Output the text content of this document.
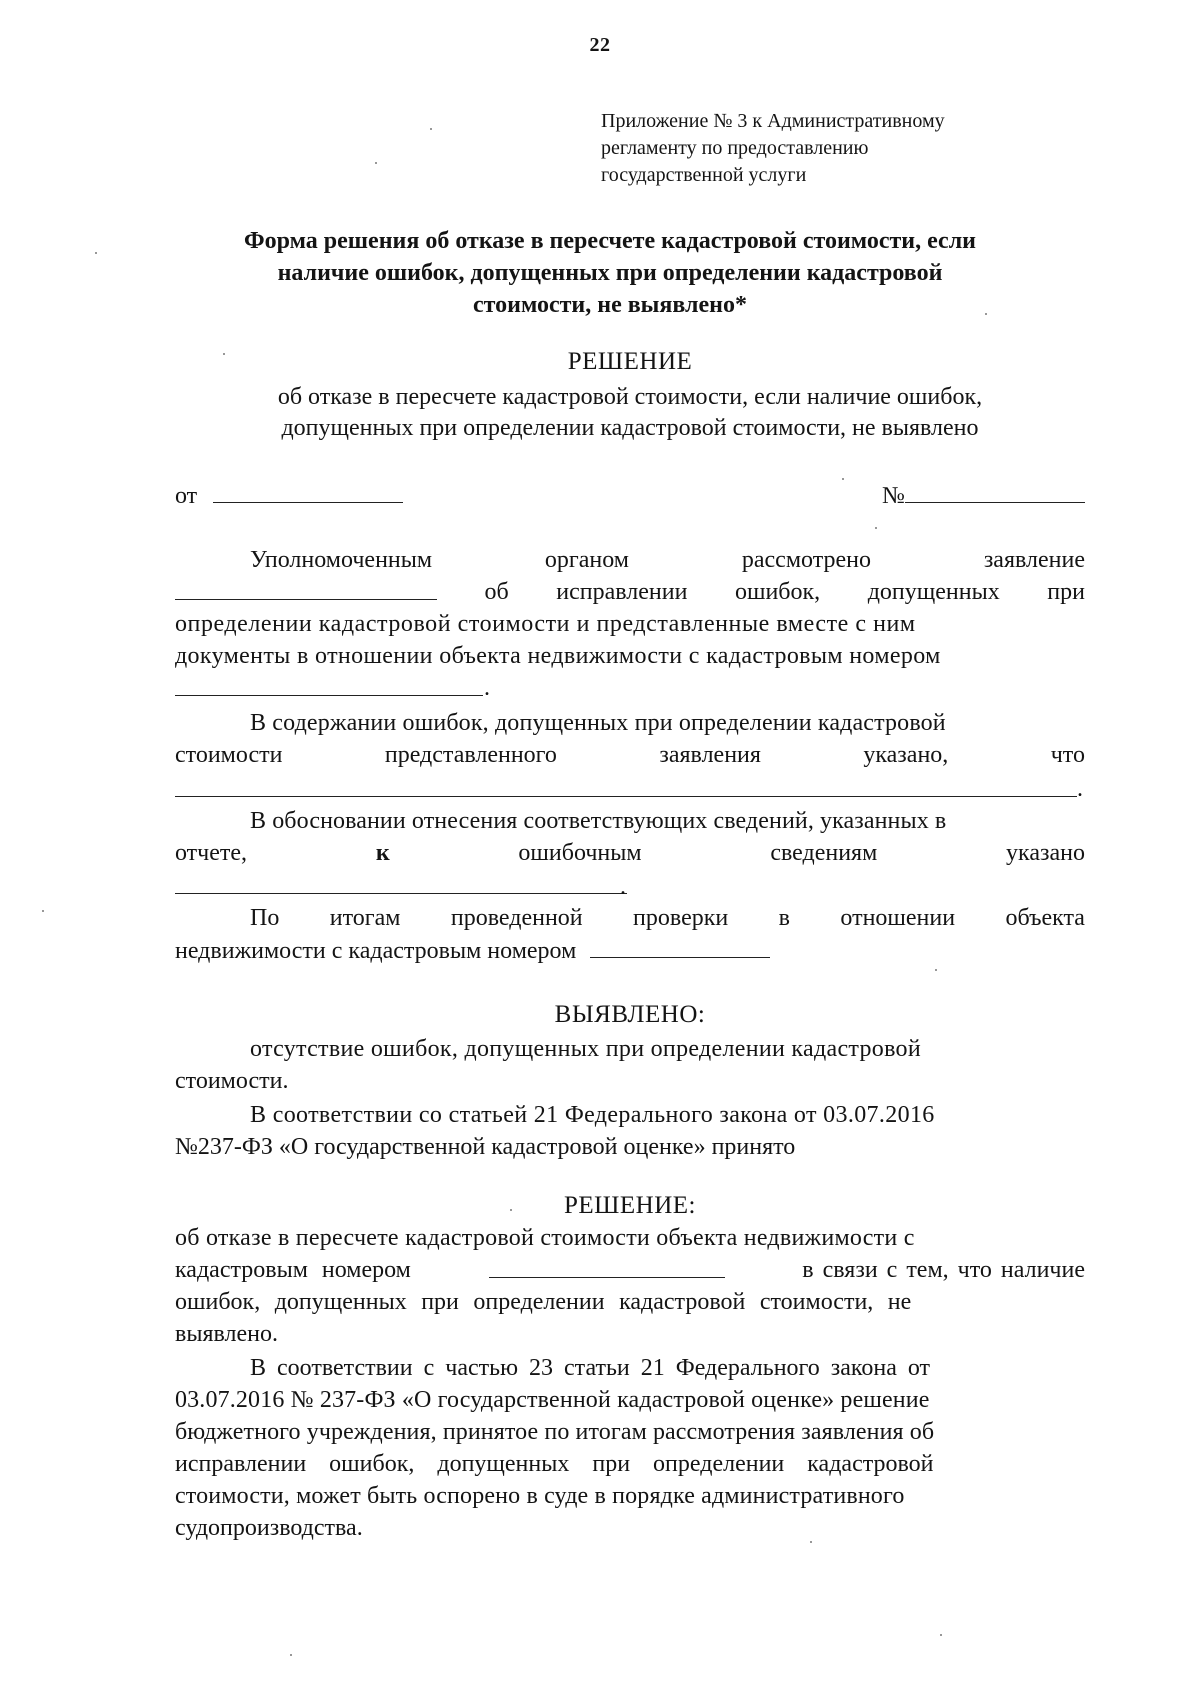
22
Приложение № 3 к Административному
регламенту по предоставлению
государственной услуги
Форма решения об отказе в пересчете кадастровой стоимости, если
наличие ошибок, допущенных при определении кадастровой
стоимости, не выявлено*
РЕШЕНИЕ
об отказе в пересчете кадастровой стоимости, если наличие ошибок,
допущенных при определении кадастровой стоимости, не выявлено
от	№
Уполномоченным	органом	рассмотрено	заявление
об исправлении ошибок, допущенных при
определении кадастровой стоимости и представленные вместе с ним
документы в отношении объекта недвижимости с кадастровым номером
.
В содержании ошибок, допущенных при определении кадастровой
стоимости	представленного	заявления	указано,	что
.
В обосновании отнесения соответствующих сведений, указанных в
отчете,	к	ошибочным	сведениям	указано
.
По итогам проведенной проверки в отношении объекта
недвижимости с кадастровым номером
ВЫЯВЛЕНО:
отсутствие ошибок, допущенных при определении кадастровой
стоимости.
В соответствии со статьей 21 Федерального закона от 03.07.2016
№237-ФЗ «О государственной кадастровой оценке» принято
РЕШЕНИЕ:
об отказе в пересчете кадастровой стоимости объекта недвижимости с
кадастровым номером	в связи с тем, что наличие
ошибок, допущенных при определении кадастровой стоимости, не
выявлено.
В соответствии с частью 23 статьи 21 Федерального закона от
03.07.2016 № 237-ФЗ «О государственной кадастровой оценке» решение
бюджетного учреждения, принятое по итогам рассмотрения заявления об
исправлении ошибок, допущенных при определении кадастровой
стоимости, может быть оспорено в суде в порядке административного
судопроизводства.
